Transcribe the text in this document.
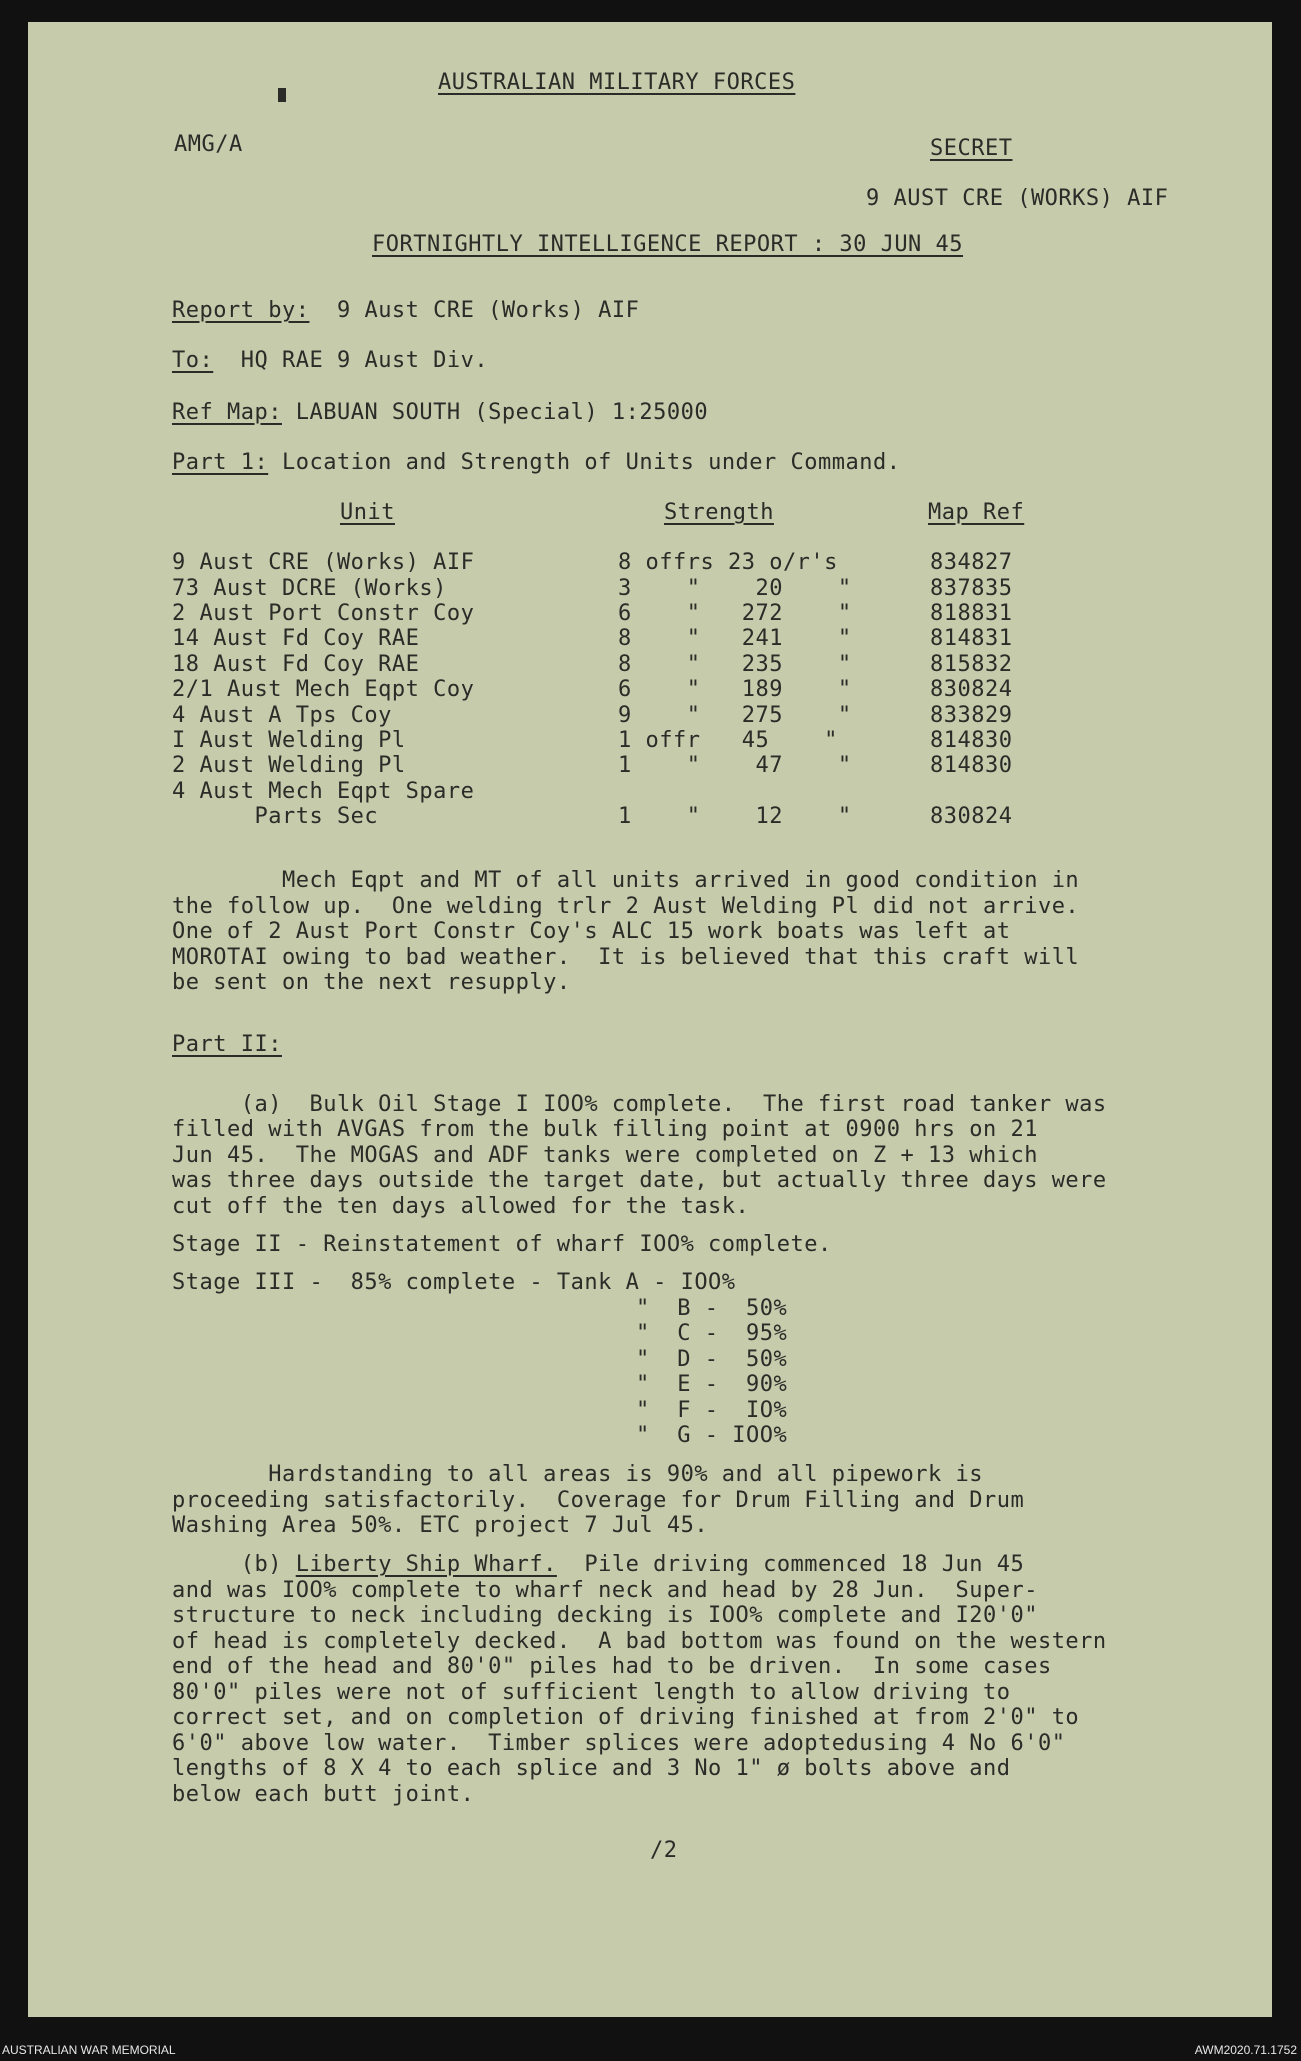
AUSTRALIAN MILITARY FORCES
AMG/A	SECRET
9 AUST CRE (WORKS) AIF
FORTNIGHTLY INTELLIGENCE REPORT : 30 JUN 45
Report by: 9 Aust CRE (Works) AIF
To: HQ RAE 9 Aust Div.
Ref Map: LABUAN SOUTH (Special) 1:25000
Part 1: Location and Strength of Units under Command.
Unit	Strength	Map Ref
9 Aust CRE (Works) AIF	8 offrs 23 o/r's	834827
73 Aust DCRE (Works)	3    "    20    "	837835
2 Aust Port Constr Coy	6    "   272    "	818831
14 Aust Fd Coy RAE	8    "   241    "	814831
18 Aust Fd Coy RAE	8    "   235    "	815832
2/1 Aust Mech Eqpt Coy	6    "   189    "	830824
4 Aust A Tps Coy	9    "   275    "	833829
I Aust Welding Pl	1 offr   45    "	814830
2 Aust Welding Pl	1    "    47    "	814830
4 Aust Mech Eqpt Spare
Parts Sec	1    "    12    "	830824
Mech Eqpt and MT of all units arrived in good condition in
the follow up.  One welding trlr 2 Aust Welding Pl did not arrive.
One of 2 Aust Port Constr Coy's ALC 15 work boats was left at
MOROTAI owing to bad weather.  It is believed that this craft will
be sent on the next resupply.
Part II:
(a)  Bulk Oil Stage I IOO% complete.  The first road tanker was
filled with AVGAS from the bulk filling point at 0900 hrs on 21
Jun 45.  The MOGAS and ADF tanks were completed on Z + 13 which
was three days outside the target date, but actually three days were
cut off the ten days allowed for the task.
Stage II - Reinstatement of wharf IOO% complete.
Stage III -  85% complete - Tank A - IOO%
"  B -  50%
"  C -  95%
"  D -  50%
"  E -  90%
"  F -  IO%
"  G - IOO%
Hardstanding to all areas is 90% and all pipework is
proceeding satisfactorily.  Coverage for Drum Filling and Drum
Washing Area 50%. ETC project 7 Jul 45.
(b) Liberty Ship Wharf.  Pile driving commenced 18 Jun 45
and was IOO% complete to wharf neck and head by 28 Jun.  Super-
structure to neck including decking is IOO% complete and I20'0"
of head is completely decked.  A bad bottom was found on the western
end of the head and 80'0" piles had to be driven.  In some cases
80'0" piles were not of sufficient length to allow driving to
correct set, and on completion of driving finished at from 2'0" to
6'0" above low water.  Timber splices were adoptedusing 4 No 6'0"
lengths of 8 X 4 to each splice and 3 No 1" ø bolts above and
below each butt joint.
/2
AUSTRALIAN WAR MEMORIAL	AWM2020.71.1752
